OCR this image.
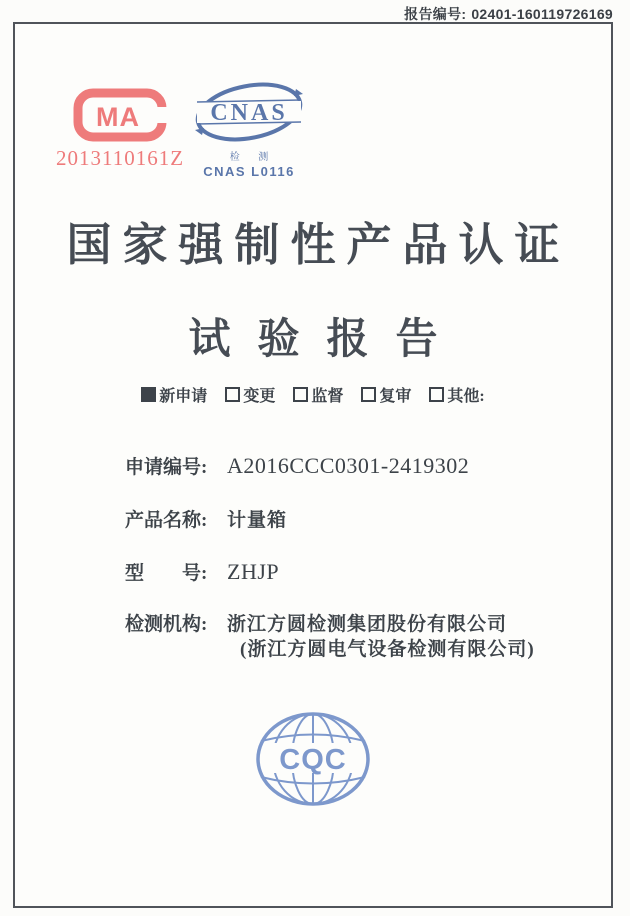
报告编号: 02401-160119726169
MA
2013110161Z
CNAS
检 测
CNAS L0116
国家强制性产品认证
试验报告
新申请 变更 监督 复审 其他:
申请编号: A2016CCC0301-2419302
产品名称: 计量箱
型　　号: ZHJP
检测机构: 浙江方圆检测集团股份有限公司
(浙江方圆电气设备检测有限公司)
CQC
